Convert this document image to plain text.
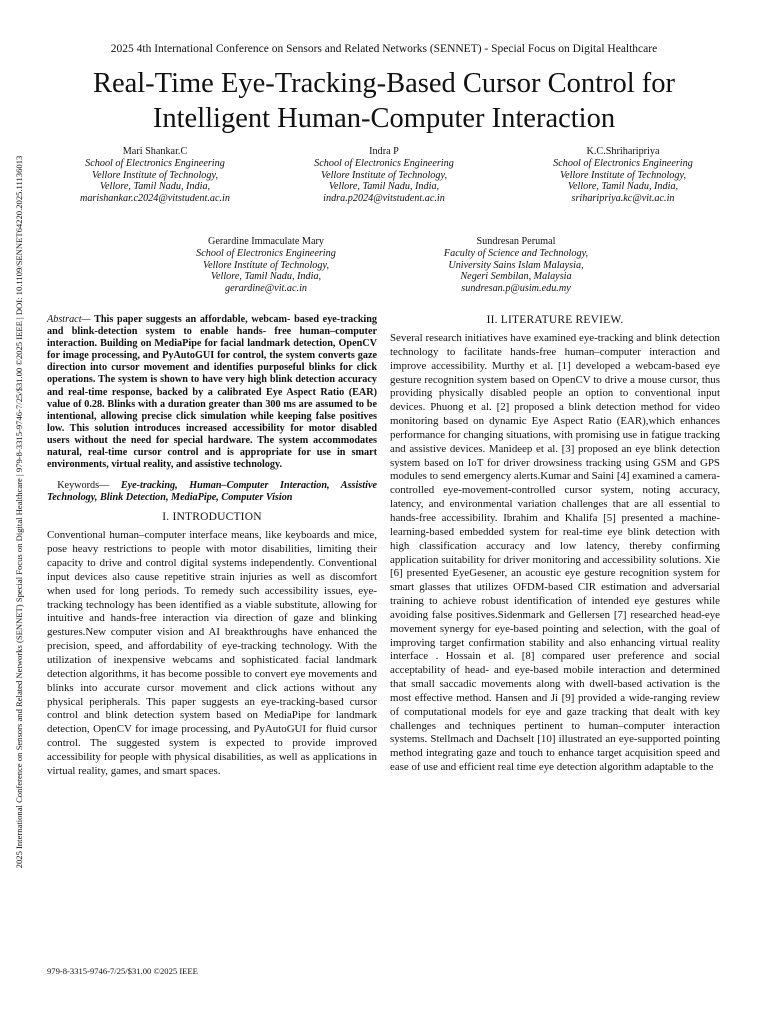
2025 International Conference on Sensors and Related Networks (SENNET) Special Focus on Digital Healthcare | 979-8-3315-9746-7/25/$31.00 ©2025 IEEE | DOI: 10.1109/SENNET64220.2025.11136013
2025 4th International Conference on Sensors and Related Networks (SENNET) - Special Focus on Digital Healthcare
Real-Time Eye-Tracking-Based Cursor Control for
Intelligent Human-Computer Interaction
Mari Shankar.C
School of Electronics Engineering
Vellore Institute of Technology,
Vellore, Tamil Nadu, India,
marishankar.c2024@vitstudent.ac.in
Indra P
School of Electronics Engineering
Vellore Institute of Technology,
Vellore, Tamil Nadu, India,
indra.p2024@vitstudent.ac.in
K.C.Shriharipriya
School of Electronics Engineering
Vellore Institute of Technology,
Vellore, Tamil Nadu, India,
sriharipriya.kc@vit.ac.in
Gerardine Immaculate Mary
School of Electronics Engineering
Vellore Institute of Technology,
Vellore, Tamil Nadu, India,
gerardine@vit.ac.in
Sundresan Perumal
Faculty of Science and Technology,
University Sains Islam Malaysia,
Negeri Sembilan, Malaysia
sundresan.p@usim.edu.my

Abstract— This paper suggests an affordable, webcam- based eye-tracking and blink-detection system to enable hands- free human–computer interaction. Building on MediaPipe for facial landmark detection, OpenCV for image processing, and PyAutoGUI for control, the system converts gaze direction into cursor movement and identifies purposeful blinks for click operations. The system is shown to have very high blink detection accuracy and real-time response, backed by a calibrated Eye Aspect Ratio (EAR) value of 0.28. Blinks with a duration greater than 300 ms are assumed to be intentional, allowing precise click simulation while keeping false positives low. This solution introduces increased accessibility for motor disabled users without the need for special hardware. The system accommodates natural, real-time cursor control and is appropriate for use in smart environments, virtual reality, and assistive technology.

 Keywords— Eye-tracking, Human–Computer Interaction, Assistive Technology, Blink Detection, MediaPipe, Computer Vision

I. INTRODUCTION

Conventional human–computer interface means, like keyboards and mice, pose heavy restrictions to people with motor disabilities, limiting their capacity to drive and control digital systems independently. Conventional input devices also cause repetitive strain injuries as well as discomfort when used for long periods. To remedy such accessibility issues, eye-tracking technology has been identified as a viable substitute, allowing for intuitive and hands-free interaction via direction of gaze and blinking gestures.New computer vision and AI breakthroughs have enhanced the precision, speed, and affordability of eye-tracking technology. With the utilization of inexpensive webcams and sophisticated facial landmark detection algorithms, it has become possible to convert eye movements and blinks into accurate cursor movement and click actions without any physical peripherals. This paper suggests an eye-tracking-based cursor control and blink detection system based on MediaPipe for landmark detection, OpenCV for image processing, and PyAutoGUI for fluid cursor control. The suggested system is expected to provide improved accessibility for people with physical disabilities, as well as applications in virtual reality, games, and smart spaces.

II. LITERATURE REVIEW.

Several research initiatives have examined eye-tracking and blink detection technology to facilitate hands-free human–computer interaction and improve accessibility. Murthy et al. [1] developed a webcam-based eye gesture recognition system based on OpenCV to drive a mouse cursor, thus providing physically disabled people an option to conventional input devices. Phuong et al. [2] proposed a blink detection method for video monitoring based on dynamic Eye Aspect Ratio (EAR),which enhances performance for changing situations, with promising use in fatigue tracking and assistive devices. Manideep et al. [3] proposed an eye blink detection system based on IoT for driver drowsiness tracking using GSM and GPS modules to send emergency alerts.Kumar and Saini [4] examined a camera- controlled eye-movement-controlled cursor system, noting accuracy, latency, and environmental variation challenges that are all essential to hands-free accessibility. Ibrahim and Khalifa [5] presented a machine-learning-based embedded system for real-time eye blink detection with high classification accuracy and low latency, thereby confirming application suitability for driver monitoring and accessibility solutions. Xie [6] presented EyeGesener, an acoustic eye gesture recognition system for smart glasses that utilizes OFDM-based CIR estimation and adversarial training to achieve robust identification of intended eye gestures while avoiding false positives.Sidenmark and Gellersen [7] researched head-eye movement synergy for eye-based pointing and selection, with the goal of improving target confirmation stability and also enhancing virtual reality interface . Hossain et al. [8] compared user preference and social acceptability of head- and eye-based mobile interaction and determined that small saccadic movements along with dwell-based activation is the most effective method. Hansen and Ji [9] provided a wide-ranging review of computational models for eye and gaze tracking that dealt with key challenges and techniques pertinent to human–computer interaction systems. Stellmach and Dachselt [10] illustrated an eye-supported pointing method integrating gaze and touch to enhance target acquisition speed and ease of use and efficient real time eye detection algorithm adaptable to the

979-8-3315-9746-7/25/$31.00 ©2025 IEEE
